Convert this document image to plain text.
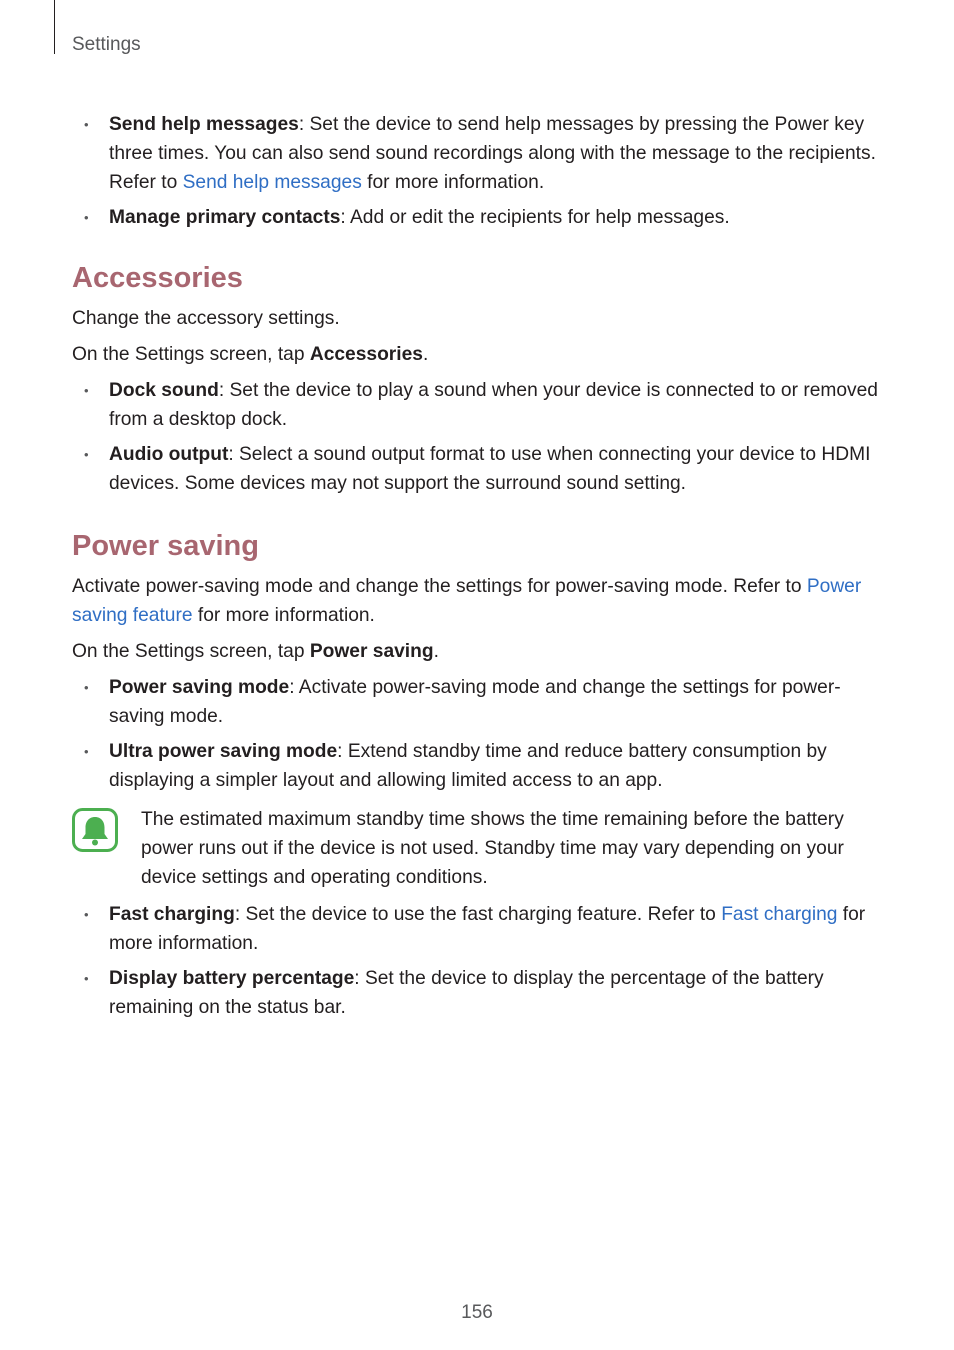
Settings
• Send help messages: Set the device to send help messages by pressing the Power key three times. You can also send sound recordings along with the message to the recipients. Refer to Send help messages for more information.
• Manage primary contacts: Add or edit the recipients for help messages.
Accessories

Change the accessory settings.

On the Settings screen, tap Accessories.

• Dock sound: Set the device to play a sound when your device is connected to or removed from a desktop dock.
• Audio output: Select a sound output format to use when connecting your device to HDMI devices. Some devices may not support the surround sound setting.
Power saving

Activate power-saving mode and change the settings for power-saving mode. Refer to Power saving feature for more information.

On the Settings screen, tap Power saving.

• Power saving mode: Activate power-saving mode and change the settings for power-saving mode.
• Ultra power saving mode: Extend standby time and reduce battery consumption by displaying a simpler layout and allowing limited access to an app.
The estimated maximum standby time shows the time remaining before the battery power runs out if the device is not used. Standby time may vary depending on your device settings and operating conditions.
• Fast charging: Set the device to use the fast charging feature. Refer to Fast charging for more information.
• Display battery percentage: Set the device to display the percentage of the battery remaining on the status bar.
156
